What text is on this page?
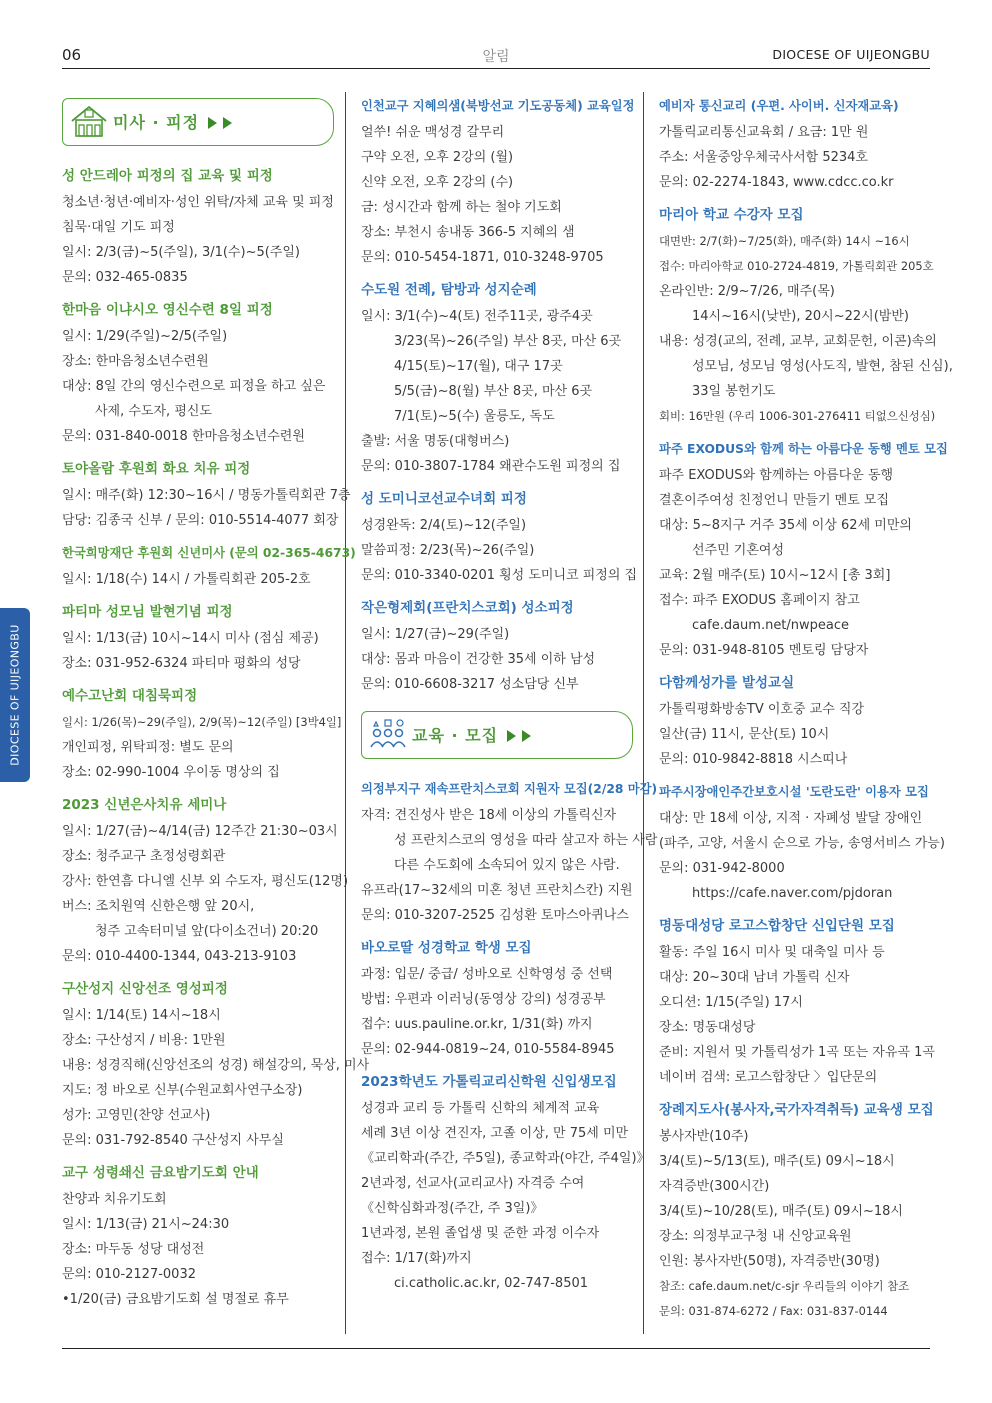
06	알림	DIOCESE OF UIJEONGBU
DIOCESE OF UIJEONGBU
미사 · 피정
성 안드레아 피정의 집 교육 및 피정
청소년·청년·예비자·성인 위탁/자체 교육 및 피정
침묵·대일 기도 피정
일시: 2/3(금)~5(주일), 3/1(수)~5(주일)
문의: 032-465-0835
한마음 이냐시오 영신수련 8일 피정
일시: 1/29(주일)~2/5(주일)
장소: 한마음청소년수련원
대상: 8일 간의 영신수련으로 피정을 하고 싶은
사제, 수도자, 평신도
문의: 031-840-0018 한마음청소년수련원
토야올람 후원회 화요 치유 피정
일시: 매주(화) 12:30~16시 / 명동가톨릭회관 7층
담당: 김종국 신부 / 문의: 010-5514-4077 회장
한국희망재단 후원회 신년미사 (문의 02-365-4673)
일시: 1/18(수) 14시 / 가톨릭회관 205-2호
파티마 성모님 발현기념 피정
일시: 1/13(금) 10시~14시 미사 (점심 제공)
장소: 031-952-6324 파티마 평화의 성당
예수고난회 대침묵피정
일시: 1/26(목)~29(주일), 2/9(목)~12(주일) [3박4일]
개인피정, 위탁피정: 별도 문의
장소: 02-990-1004 우이동 명상의 집
2023 신년은사치유 세미나
일시: 1/27(금)~4/14(금) 12주간 21:30~03시
장소: 청주교구 초정성령회관
강사: 한연흠 다니엘 신부 외 수도자, 평신도(12명)
버스: 조치원역 신한은행 앞 20시,
청주 고속터미널 앞(다이소건너) 20:20
문의: 010-4400-1344, 043-213-9103
구산성지 신앙선조 영성피정
일시: 1/14(토) 14시~18시
장소: 구산성지 / 비용: 1만원
내용: 성경직해(신앙선조의 성경) 해설강의, 묵상, 미사
지도: 정 바오로 신부(수원교회사연구소장)
성가: 고영민(찬양 선교사)
문의: 031-792-8540 구산성지 사무실
교구 성령쇄신 금요밤기도회 안내
찬양과 치유기도회
일시: 1/13(금) 21시~24:30
장소: 마두동 성당 대성전
문의: 010-2127-0032
•1/20(금) 금요밤기도회 설 명절로 휴무
인천교구 지혜의샘(북방선교 기도공동체) 교육일정
얼쑤! 쉬운 맥성경 갈무리
구약 오전, 오후 2강의 (월)
신약 오전, 오후 2강의 (수)
금: 성시간과 함께 하는 철야 기도회
장소: 부천시 송내동 366-5 지혜의 샘
문의: 010-5454-1871, 010-3248-9705
수도원 전례, 탐방과 성지순례
일시: 3/1(수)~4(토) 전주11곳, 광주4곳
3/23(목)~26(주일) 부산 8곳, 마산 6곳
4/15(토)~17(월), 대구 17곳
5/5(금)~8(월) 부산 8곳, 마산 6곳
7/1(토)~5(수) 울릉도, 독도
출발: 서울 명동(대형버스)
문의: 010-3807-1784 왜관수도원 피정의 집
성 도미니코선교수녀회 피정
성경완독: 2/4(토)~12(주일)
말씀피정: 2/23(목)~26(주일)
문의: 010-3340-0201 횡성 도미니코 피정의 집
작은형제회(프란치스코회) 성소피정
일시: 1/27(금)~29(주일)
대상: 몸과 마음이 건강한 35세 이하 남성
문의: 010-6608-3217 성소담당 신부
교육 · 모집
의정부지구 재속프란치스코회 지원자 모집(2/28 마감)
자격: 견진성사 받은 18세 이상의 가톨릭신자
성 프란치스코의 영성을 따라 살고자 하는 사람
다른 수도회에 소속되어 있지 않은 사람.
유프라(17~32세의 미혼 청년 프란치스칸) 지원
문의: 010-3207-2525 김성환 토마스아퀴나스
바오로딸 성경학교 학생 모집
과정: 입문/ 중급/ 성바오로 신학영성 중 선택
방법: 우편과 이러닝(동영상 강의) 성경공부
접수: uus.pauline.or.kr, 1/31(화) 까지
문의: 02-944-0819~24, 010-5584-8945
2023학년도 가톨릭교리신학원 신입생모집
성경과 교리 등 가톨릭 신학의 체계적 교육
세례 3년 이상 견진자, 고졸 이상, 만 75세 미만
《교리학과(주간, 주5일), 종교학과(야간, 주4일)》
2년과정, 선교사(교리교사) 자격증 수여
《신학심화과정(주간, 주 3일)》
1년과정, 본원 졸업생 및 준한 과정 이수자
접수: 1/17(화)까지
ci.catholic.ac.kr, 02-747-8501
예비자 통신교리 (우편. 사이버. 신자재교육)
가톨릭교리통신교육회 / 요금: 1만 원
주소: 서울중앙우체국사서함 5234호
문의: 02-2274-1843, www.cdcc.co.kr
마리아 학교 수강자 모집
대면반: 2/7(화)~7/25(화), 매주(화) 14시 ~16시
접수: 마리아학교 010-2724-4819, 가톨릭회관 205호
온라인반: 2/9~7/26, 매주(목)
14시~16시(낮반), 20시~22시(밤반)
내용: 성경(교의, 전례, 교부, 교회문헌, 이콘)속의
성모님, 성모님 영성(사도직, 발현, 참된 신심),
33일 봉헌기도
회비: 16만원 (우리 1006-301-276411 티없으신성심)
파주 EXODUS와 함께 하는 아름다운 동행 멘토 모집
파주 EXODUS와 함께하는 아름다운 동행
결혼이주여성 친정언니 만들기 멘토 모집
대상: 5~8지구 거주 35세 이상 62세 미만의
선주민 기혼여성
교육: 2월 매주(토) 10시~12시 [총 3회]
접수: 파주 EXODUS 홈페이지 참고
cafe.daum.net/nwpeace
문의: 031-948-8105 멘토링 담당자
다함께성가를 발성교실
가톨릭평화방송TV 이호중 교수 직강
일산(금) 11시, 문산(토) 10시
문의: 010-9842-8818 시스띠나
파주시장애인주간보호시설 '도란도란' 이용자 모집
대상: 만 18세 이상, 지적 · 자폐성 발달 장애인
(파주, 고양, 서울시 순으로 가능, 송영서비스 가능)
문의: 031-942-8000
https://cafe.naver.com/pjdoran
명동대성당 로고스합창단 신입단원 모집
활동: 주일 16시 미사 및 대축일 미사 등
대상: 20~30대 남녀 가톨릭 신자
오디션: 1/15(주일) 17시
장소: 명동대성당
준비: 지원서 및 가톨릭성가 1곡 또는 자유곡 1곡
네이버 검색: 로고스합창단 〉입단문의
장례지도사(봉사자,국가자격취득) 교육생 모집
봉사자반(10주)
3/4(토)~5/13(토), 매주(토) 09시~18시
자격증반(300시간)
3/4(토)~10/28(토), 매주(토) 09시~18시
장소: 의정부교구청 내 신앙교육원
인원: 봉사자반(50명), 자격증반(30명)
참조: cafe.daum.net/c-sjr 우리들의 이야기 참조
문의: 031-874-6272 / Fax: 031-837-0144
